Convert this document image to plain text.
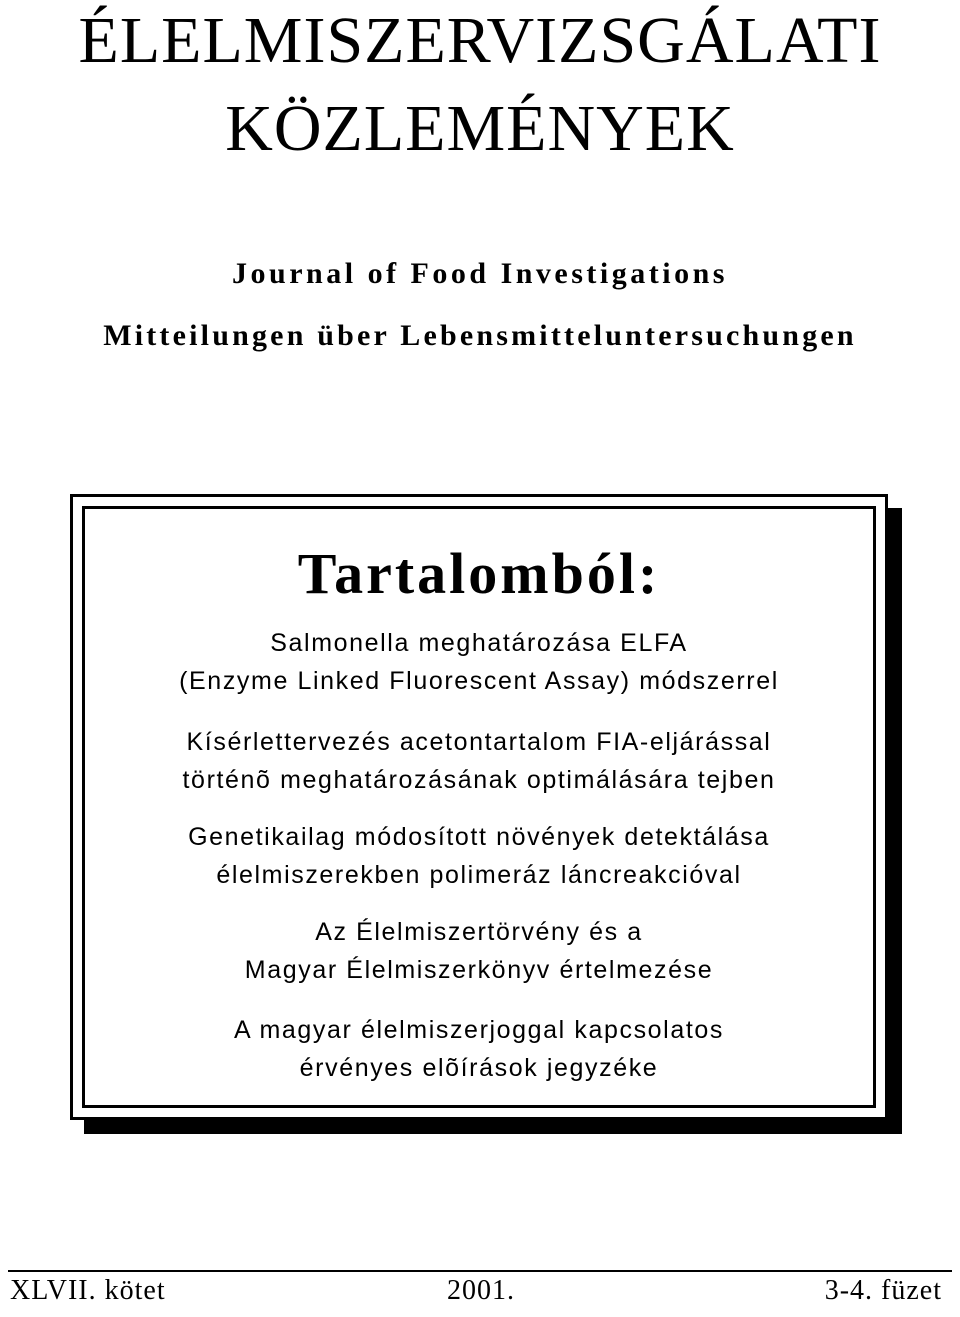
ÉLELMISZERVIZSGÁLATI
KÖZLEMÉNYEK
Journal of Food Investigations
Mitteilungen über Lebensmitteluntersuchungen
Tartalomból:
Salmonella meghatározása ELFA
(Enzyme Linked Fluorescent Assay) módszerrel
Kísérlettervezés acetontartalom FIA-eljárással
történõ meghatározásának optimálására tejben
Genetikailag módosított növények detektálása
élelmiszerekben polimeráz láncreakcióval
Az Élelmiszertörvény és a
Magyar Élelmiszerkönyv értelmezése
A magyar élelmiszerjoggal kapcsolatos
érvényes elõírások jegyzéke
XLVII. kötet	2001.	3-4. füzet
